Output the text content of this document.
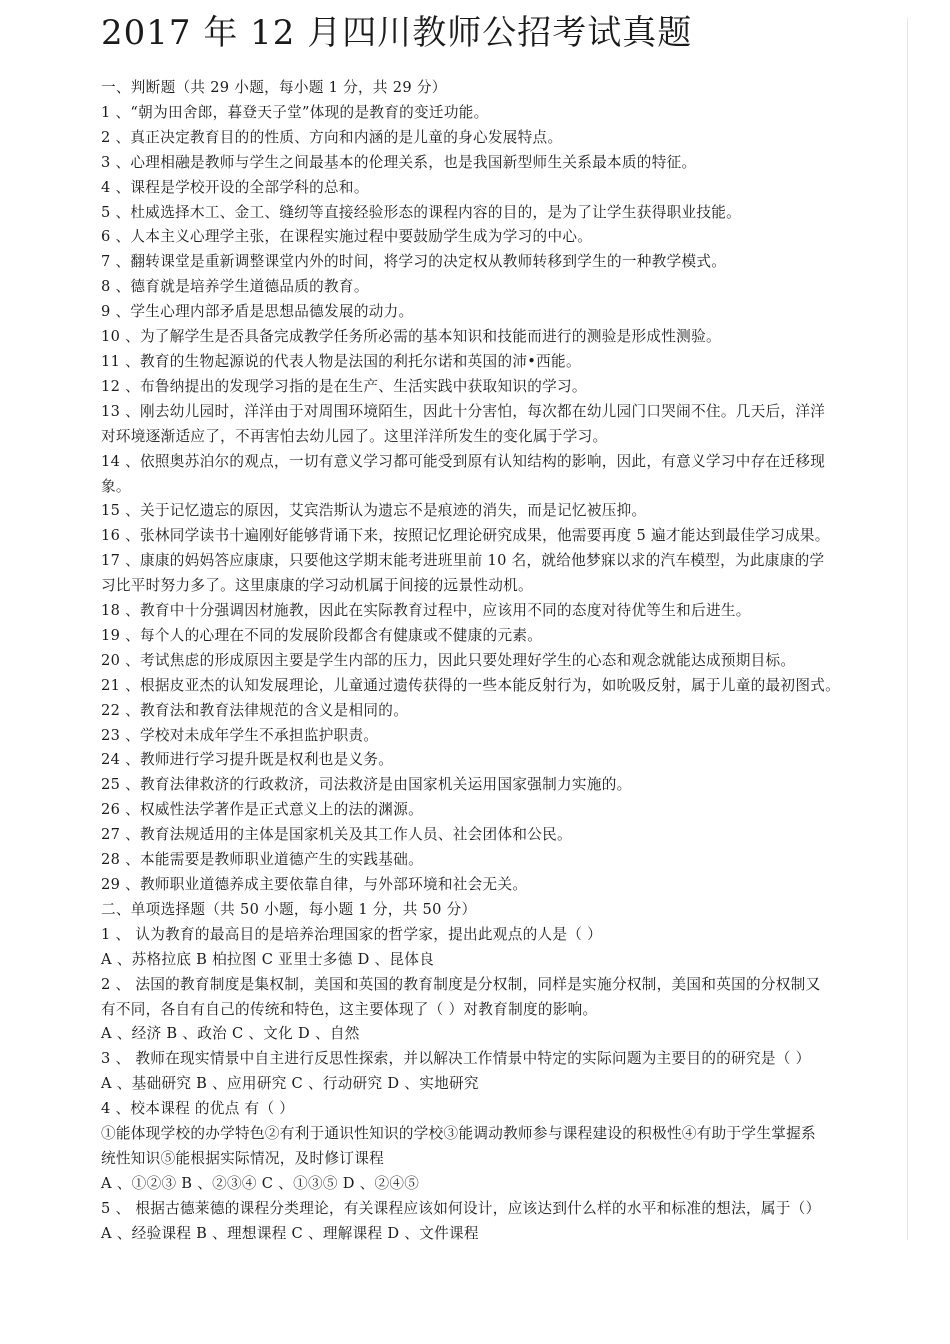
2017 年 12 月四川教师公招考试真题
一、判断题（共 29 小题，每小题 1 分，共 29 分）
1 、“朝为田舍郎，暮登天子堂”体现的是教育的变迁功能。
2 、真正决定教育目的的性质、方向和内涵的是儿童的身心发展特点。
3 、心理相融是教师与学生之间最基本的伦理关系，也是我国新型师生关系最本质的特征。
4 、课程是学校开设的全部学科的总和。
5 、杜威选择木工、金工、缝纫等直接经验形态的课程内容的目的，是为了让学生获得职业技能。
6 、人本主义心理学主张，在课程实施过程中要鼓励学生成为学习的中心。
7 、翻转课堂是重新调整课堂内外的时间，将学习的决定权从教师转移到学生的一种教学模式。
8 、德育就是培养学生道德品质的教育。
9 、学生心理内部矛盾是思想品德发展的动力。
10 、为了解学生是否具备完成教学任务所必需的基本知识和技能而进行的测验是形成性测验。
11 、教育的生物起源说的代表人物是法国的利托尔诺和英国的沛•西能。
12 、布鲁纳提出的发现学习指的是在生产、生活实践中获取知识的学习。
13 、刚去幼儿园时，洋洋由于对周围环境陌生，因此十分害怕，每次都在幼儿园门口哭闹不住。几天后，洋洋
对环境逐渐适应了，不再害怕去幼儿园了。这里洋洋所发生的变化属于学习。
14 、依照奥苏泊尔的观点，一切有意义学习都可能受到原有认知结构的影响，因此，有意义学习中存在迁移现
象。
15 、关于记忆遗忘的原因，艾宾浩斯认为遗忘不是痕迹的消失，而是记忆被压抑。
16 、张林同学读书十遍刚好能够背诵下来，按照记忆理论研究成果，他需要再度 5 遍才能达到最佳学习成果。
17 、康康的妈妈答应康康，只要他这学期末能考进班里前 10 名，就给他梦寐以求的汽车模型，为此康康的学
习比平时努力多了。这里康康的学习动机属于间接的远景性动机。
18 、教育中十分强调因材施教，因此在实际教育过程中，应该用不同的态度对待优等生和后进生。
19 、每个人的心理在不同的发展阶段都含有健康或不健康的元素。
20 、考试焦虑的形成原因主要是学生内部的压力，因此只要处理好学生的心态和观念就能达成预期目标。
21 、根据皮亚杰的认知发展理论，儿童通过遗传获得的一些本能反射行为，如吮吸反射，属于儿童的最初图式。
22 、教育法和教育法律规范的含义是相同的。
23 、学校对未成年学生不承担监护职责。
24 、教师进行学习提升既是权利也是义务。
25 、教育法律救济的行政救济，司法救济是由国家机关运用国家强制力实施的。
26 、权威性法学著作是正式意义上的法的渊源。
27 、教育法规适用的主体是国家机关及其工作人员、社会团体和公民。
28 、本能需要是教师职业道德产生的实践基础。
29 、教师职业道德养成主要依靠自律，与外部环境和社会无关。
二、单项选择题（共 50 小题，每小题 1 分，共 50 分）
1 、 认为教育的最高目的是培养治理国家的哲学家，提出此观点的人是（ ）
A 、苏格拉底 B 柏拉图 C 亚里士多德 D 、昆体良
2 、 法国的教育制度是集权制，美国和英国的教育制度是分权制，同样是实施分权制，美国和英国的分权制又
有不同，各自有自己的传统和特色，这主要体现了（ ）对教育制度的影响。
A 、经济 B 、政治 C 、文化 D 、自然
3 、 教师在现实情景中自主进行反思性探索，并以解决工作情景中特定的实际问题为主要目的的研究是（ ）
A 、基础研究 B 、应用研究 C 、行动研究 D 、实地研究
4 、校本课程 的优点 有（ ）
①能体现学校的办学特色②有利于通识性知识的学校③能调动教师参与课程建设的积极性④有助于学生掌握系
统性知识⑤能根据实际情况，及时修订课程
A 、①②③ B 、②③④ C 、①③⑤ D 、②④⑤
5 、 根据古德莱德的课程分类理论，有关课程应该如何设计，应该达到什么样的水平和标准的想法，属于（）
A 、经验课程 B 、理想课程 C 、理解课程 D 、文件课程
